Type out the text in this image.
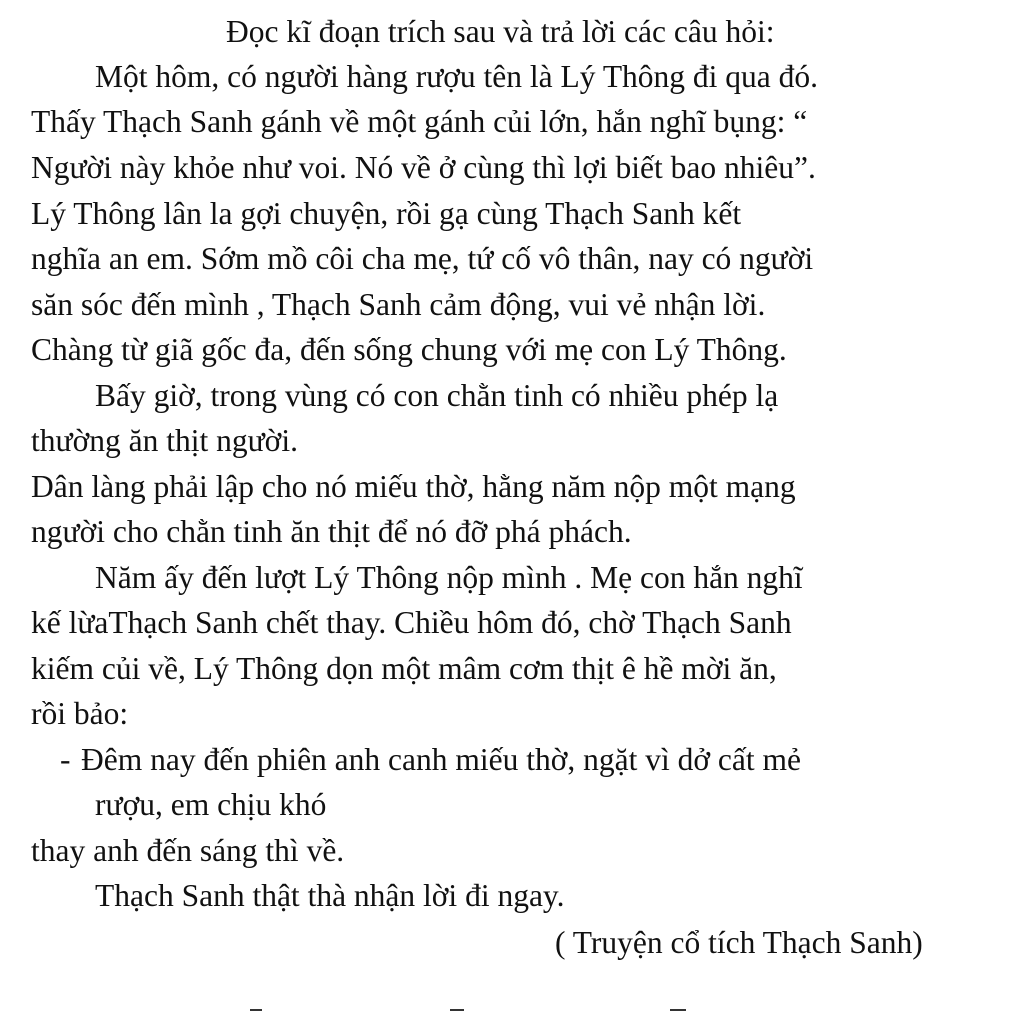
Đọc kĩ đoạn trích sau và trả lời các câu hỏi:
Một hôm, có người hàng rượu tên là Lý Thông đi qua đó.
Thấy Thạch Sanh gánh về một gánh củi lớn, hắn nghĩ bụng: “
Người này khỏe như voi. Nó về ở cùng thì lợi biết bao nhiêu”.
Lý Thông lân la gợi chuyện, rồi gạ cùng Thạch Sanh kết
nghĩa an em. Sớm mồ côi cha mẹ, tứ cố vô thân, nay có người
săn sóc đến mình , Thạch Sanh cảm động, vui vẻ nhận lời.
Chàng từ giã gốc đa, đến sống chung với mẹ con Lý Thông.
Bấy giờ, trong vùng có con chằn tinh có nhiều phép lạ
thường ăn thịt người.
Dân làng phải lập cho nó miếu thờ, hằng năm nộp một mạng
người cho chằn tinh ăn thịt để nó đỡ phá phách.
Năm ấy đến lượt Lý Thông nộp mình . Mẹ con hắn nghĩ
kế lừaThạch Sanh chết thay. Chiều hôm đó, chờ Thạch Sanh
kiếm củi về, Lý Thông dọn một mâm cơm thịt ê hề mời ăn,
rồi bảo:
- Đêm nay đến phiên anh canh miếu thờ, ngặt vì dở cất mẻ
rượu, em chịu khó
thay anh đến sáng thì về.
Thạch Sanh thật thà nhận lời đi ngay.
( Truyện cổ tích Thạch Sanh)
